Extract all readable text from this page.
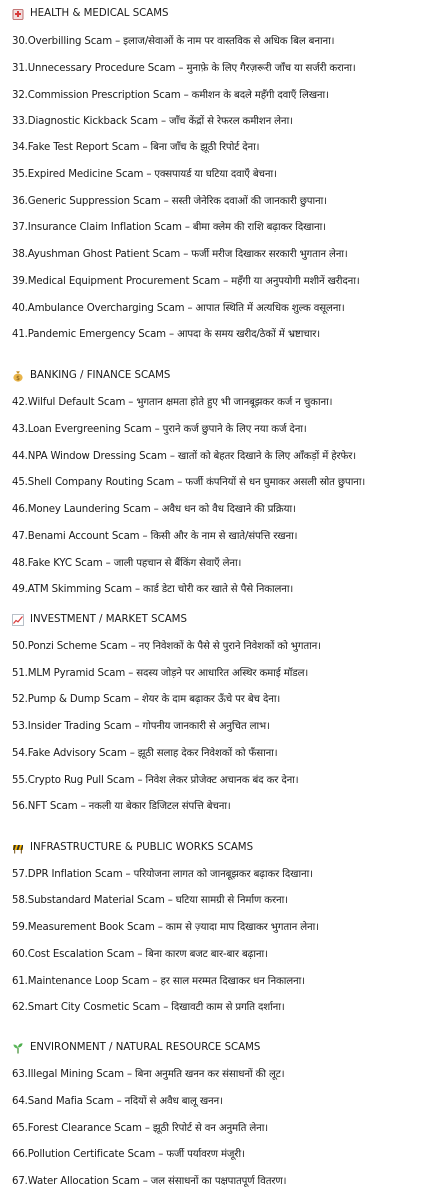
HEALTH & MEDICAL SCAMS
30.Overbilling Scam – इलाज/सेवाओं के नाम पर वास्तविक से अधिक बिल बनाना।
31.Unnecessary Procedure Scam – मुनाफ़े के लिए गैरज़रूरी जाँच या सर्जरी कराना।
32.Commission Prescription Scam – कमीशन के बदले महँगी दवाएँ लिखना।
33.Diagnostic Kickback Scam – जाँच केंद्रों से रेफरल कमीशन लेना।
34.Fake Test Report Scam – बिना जाँच के झूठी रिपोर्ट देना।
35.Expired Medicine Scam – एक्सपायर्ड या घटिया दवाएँ बेचना।
36.Generic Suppression Scam – सस्ती जेनेरिक दवाओं की जानकारी छुपाना।
37.Insurance Claim Inflation Scam – बीमा क्लेम की राशि बढ़ाकर दिखाना।
38.Ayushman Ghost Patient Scam – फर्जी मरीज दिखाकर सरकारी भुगतान लेना।
39.Medical Equipment Procurement Scam – महँगी या अनुपयोगी मशीनें खरीदना।
40.Ambulance Overcharging Scam – आपात स्थिति में अत्यधिक शुल्क वसूलना।
41.Pandemic Emergency Scam – आपदा के समय खरीद/ठेकों में भ्रष्टाचार।
$ BANKING / FINANCE SCAMS
42.Wilful Default Scam – भुगतान क्षमता होते हुए भी जानबूझकर कर्ज न चुकाना।
43.Loan Evergreening Scam – पुराने कर्ज छुपाने के लिए नया कर्ज देना।
44.NPA Window Dressing Scam – खातों को बेहतर दिखाने के लिए आँकड़ों में हेरफेर।
45.Shell Company Routing Scam – फर्जी कंपनियों से धन घुमाकर असली स्रोत छुपाना।
46.Money Laundering Scam – अवैध धन को वैध दिखाने की प्रक्रिया।
47.Benami Account Scam – किसी और के नाम से खाते/संपत्ति रखना।
48.Fake KYC Scam – जाली पहचान से बैंकिंग सेवाएँ लेना।
49.ATM Skimming Scam – कार्ड डेटा चोरी कर खाते से पैसे निकालना।
INVESTMENT / MARKET SCAMS
50.Ponzi Scheme Scam – नए निवेशकों के पैसे से पुराने निवेशकों को भुगतान।
51.MLM Pyramid Scam – सदस्य जोड़ने पर आधारित अस्थिर कमाई मॉडल।
52.Pump & Dump Scam – शेयर के दाम बढ़ाकर ऊँचे पर बेच देना।
53.Insider Trading Scam – गोपनीय जानकारी से अनुचित लाभ।
54.Fake Advisory Scam – झूठी सलाह देकर निवेशकों को फँसाना।
55.Crypto Rug Pull Scam – निवेश लेकर प्रोजेक्ट अचानक बंद कर देना।
56.NFT Scam – नकली या बेकार डिजिटल संपत्ति बेचना।
INFRASTRUCTURE & PUBLIC WORKS SCAMS
57.DPR Inflation Scam – परियोजना लागत को जानबूझकर बढ़ाकर दिखाना।
58.Substandard Material Scam – घटिया सामग्री से निर्माण करना।
59.Measurement Book Scam – काम से ज़्यादा माप दिखाकर भुगतान लेना।
60.Cost Escalation Scam – बिना कारण बजट बार-बार बढ़ाना।
61.Maintenance Loop Scam – हर साल मरम्मत दिखाकर धन निकालना।
62.Smart City Cosmetic Scam – दिखावटी काम से प्रगति दर्शाना।
ENVIRONMENT / NATURAL RESOURCE SCAMS
63.Illegal Mining Scam – बिना अनुमति खनन कर संसाधनों की लूट।
64.Sand Mafia Scam – नदियों से अवैध बालू खनन।
65.Forest Clearance Scam – झूठी रिपोर्ट से वन अनुमति लेना।
66.Pollution Certificate Scam – फर्जी पर्यावरण मंजूरी।
67.Water Allocation Scam – जल संसाधनों का पक्षपातपूर्ण वितरण।
